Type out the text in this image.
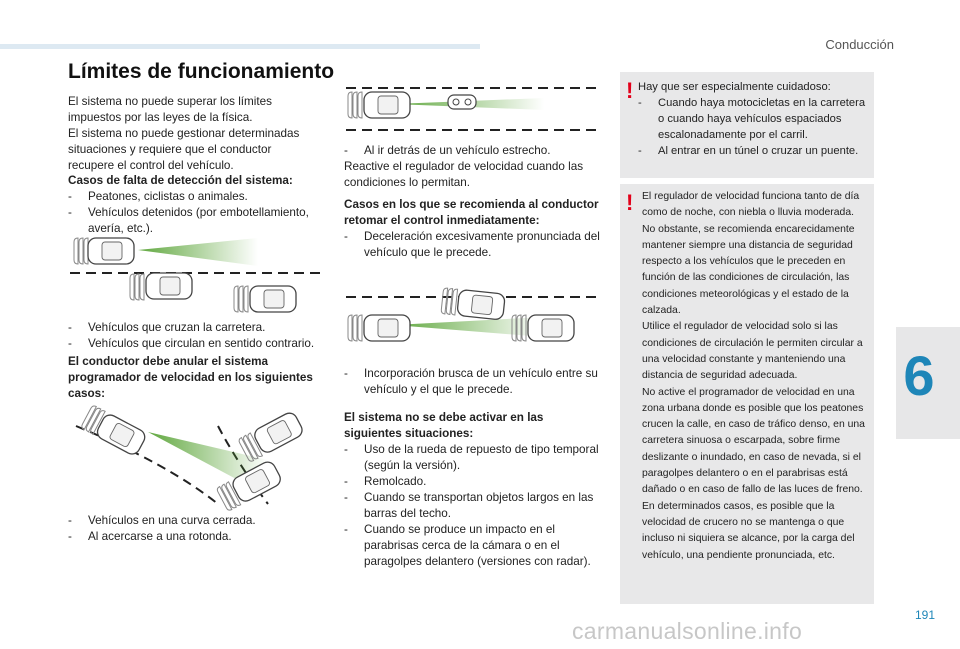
Conducción
6
191
carmanualsonline.info
Límites de funcionamiento

El sistema no puede superar los límites impuestos por las leyes de la física.

El sistema no puede gestionar determinadas situaciones y requiere que el conductor recupere el control del vehículo.

Casos de falta de detección del sistema:

- Peatones, ciclistas o animales.

- Vehículos detenidos (por embotellamiento, avería, etc.).

- Vehículos que cruzan la carretera.

- Vehículos que circulan en sentido contrario.

El conductor debe anular el sistema programador de velocidad en los siguientes casos:

- Vehículos en una curva cerrada.

- Al acercarse a una rotonda.

- Al ir detrás de un vehículo estrecho.

Reactive el regulador de velocidad cuando las condiciones lo permitan.

Casos en los que se recomienda al conductor retomar el control inmediatamente:

- Deceleración excesivamente pronunciada del vehículo que le precede.

- Incorporación brusca de un vehículo entre su vehículo y el que le precede.

El sistema no se debe activar en las siguientes situaciones:

- Uso de la rueda de repuesto de tipo temporal (según la versión).

- Remolcado.

- Cuando se transportan objetos largos en las barras del techo.

- Cuando se produce un impacto en el parabrisas cerca de la cámara o en el paragolpes delantero (versiones con radar).

! Hay que ser especialmente cuidadoso:

- Cuando haya motocicletas en la carretera o cuando haya vehículos espaciados escalonadamente por el carril.

- Al entrar en un túnel o cruzar un puente.

! El regulador de velocidad funciona tanto de día como de noche, con niebla o lluvia moderada.

No obstante, se recomienda encarecidamente mantener siempre una distancia de seguridad respecto a los vehículos que le preceden en función de las condiciones de circulación, las condiciones meteorológicas y el estado de la calzada.

Utilice el regulador de velocidad solo si las condiciones de circulación le permiten circular a una velocidad constante y manteniendo una distancia de seguridad adecuada.

No active el programador de velocidad en una zona urbana donde es posible que los peatones crucen la calle, en caso de tráfico denso, en una carretera sinuosa o escarpada, sobre firme deslizante o inundado, en caso de nevada, si el paragolpes delantero o en el parabrisas está dañado o en caso de fallo de las luces de freno.

En determinados casos, es posible que la velocidad de crucero no se mantenga o que incluso ni siquiera se alcance, por la carga del vehículo, una pendiente pronunciada, etc.
